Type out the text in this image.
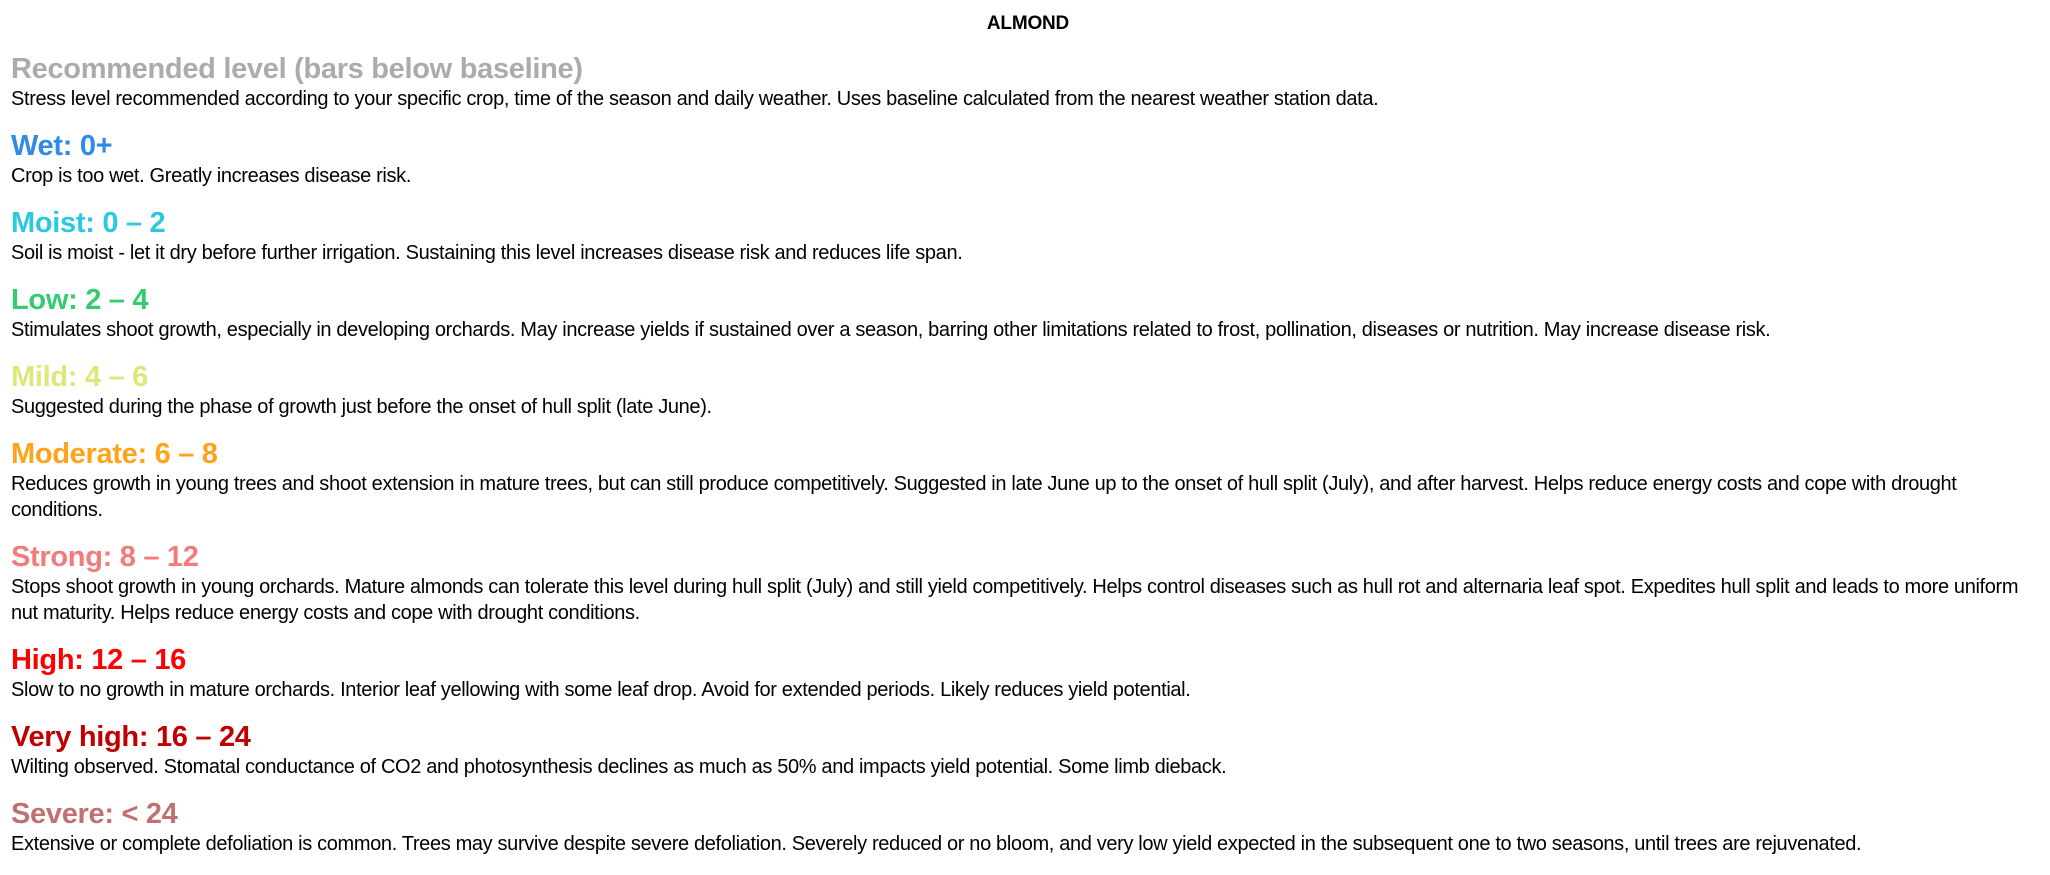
ALMOND
Recommended level (bars below baseline)
Stress level recommended according to your specific crop, time of the season and daily weather. Uses baseline calculated from the nearest weather station data.
Wet: 0+
Crop is too wet. Greatly increases disease risk.
Moist: 0 – 2
Soil is moist - let it dry before further irrigation. Sustaining this level increases disease risk and reduces life span.
Low: 2 – 4
Stimulates shoot growth, especially in developing orchards. May increase yields if sustained over a season, barring other limitations related to frost, pollination, diseases or nutrition. May increase disease risk.
Mild: 4 – 6
Suggested during the phase of growth just before the onset of hull split (late June).
Moderate: 6 – 8
Reduces growth in young trees and shoot extension in mature trees, but can still produce competitively. Suggested in late June up to the onset of hull split (July), and after harvest. Helps reduce energy costs and cope with drought conditions.
Strong: 8 – 12
Stops shoot growth in young orchards. Mature almonds can tolerate this level during hull split (July) and still yield competitively. Helps control diseases such as hull rot and alternaria leaf spot. Expedites hull split and leads to more uniform nut maturity. Helps reduce energy costs and cope with drought conditions.
High: 12 – 16
Slow to no growth in mature orchards. Interior leaf yellowing with some leaf drop. Avoid for extended periods. Likely reduces yield potential.
Very high: 16 – 24
Wilting observed. Stomatal conductance of CO2 and photosynthesis declines as much as 50% and impacts yield potential. Some limb dieback.
Severe: < 24
Extensive or complete defoliation is common. Trees may survive despite severe defoliation. Severely reduced or no bloom, and very low yield expected in the subsequent one to two seasons, until trees are rejuvenated.
